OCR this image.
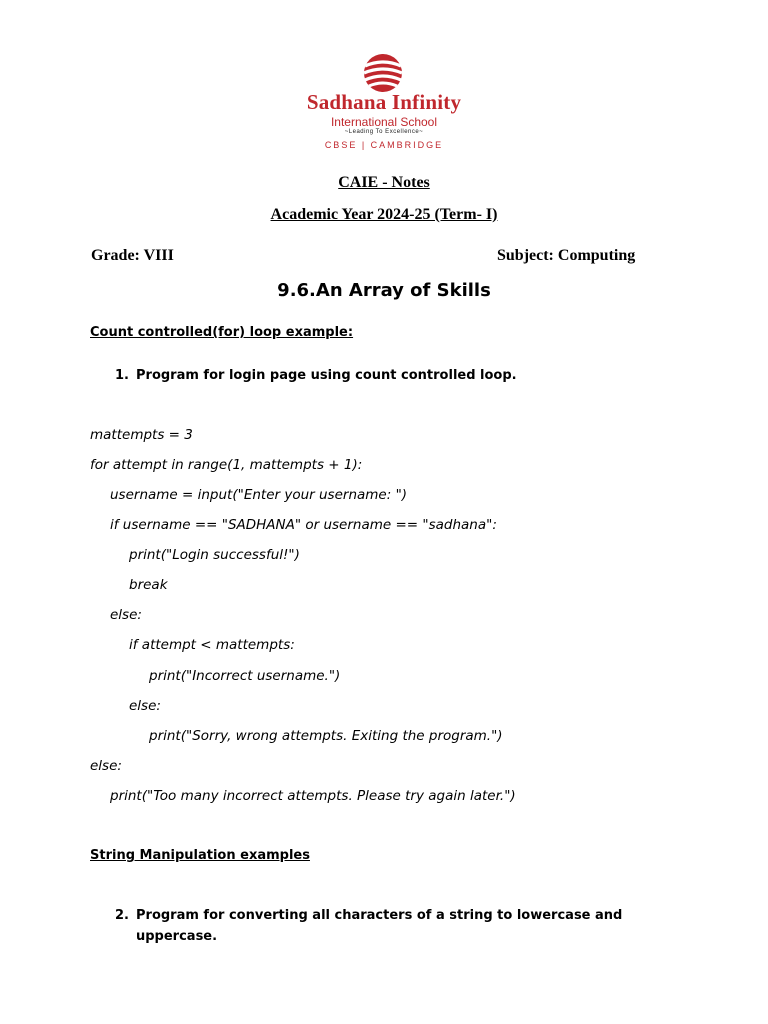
Sadhana Infinity
International School
~Leading To Excellence~
CBSE | CAMBRIDGE
CAIE - Notes
Academic Year 2024-25 (Term- I)
Grade: VIII	Subject: Computing
9.6.An Array of Skills
Count controlled(for) loop example:
1. Program for login page using count controlled loop.
mattempts = 3
for attempt in range(1, mattempts + 1):
username = input("Enter your username: ")
if username == "SADHANA" or username == "sadhana":
print("Login successful!")
break
else:
if attempt < mattempts:
print("Incorrect username.")
else:
print("Sorry, wrong attempts. Exiting the program.")
else:
print("Too many incorrect attempts. Please try again later.")
String Manipulation examples
2. Program for converting all characters of a string to lowercase and
uppercase.
